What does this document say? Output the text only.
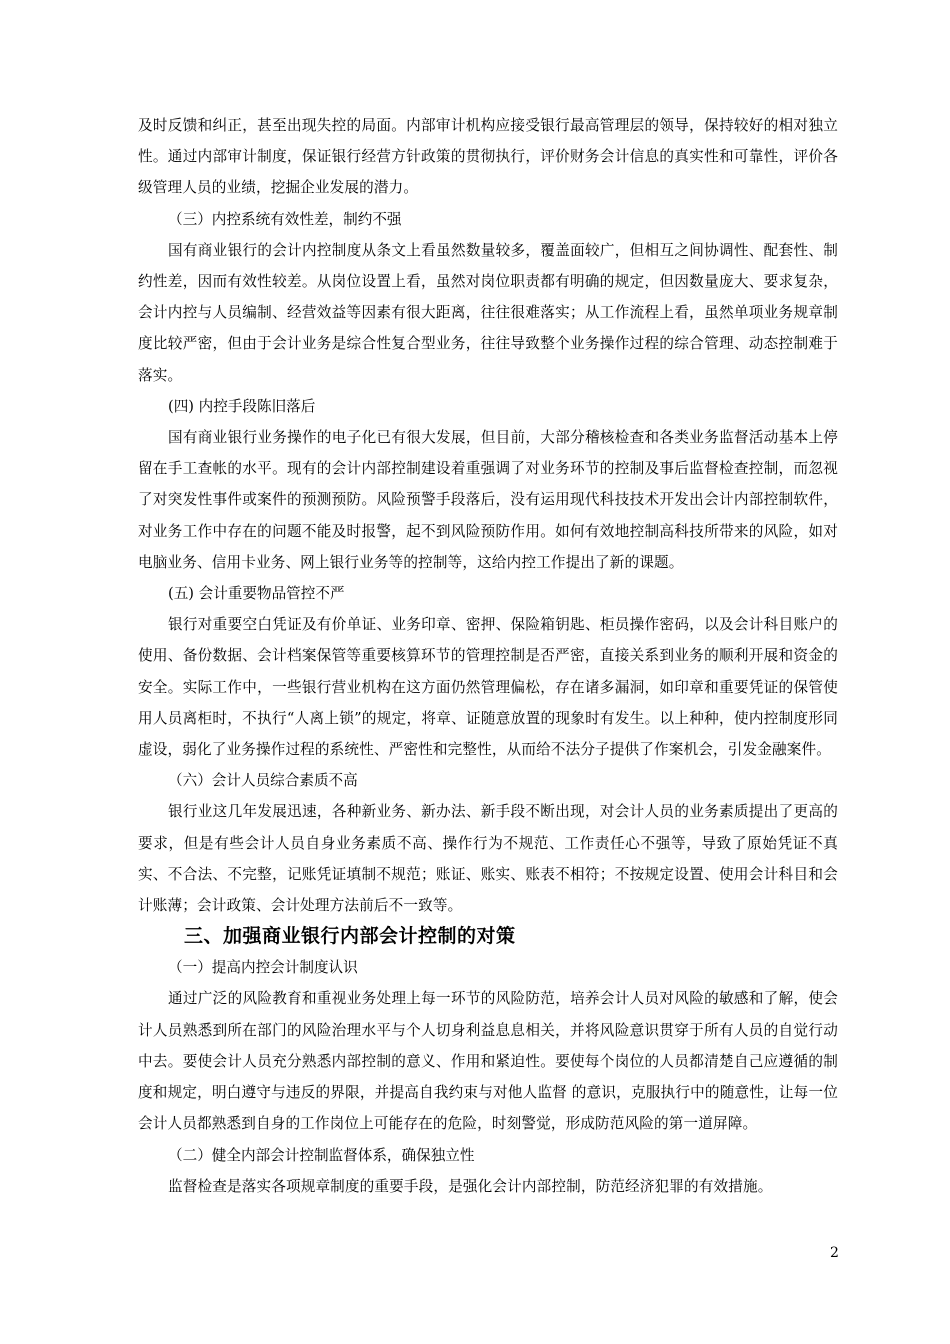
及时反馈和纠正，甚至出现失控的局面。内部审计机构应接受银行最高管理层的领导，保持较好的相对独立性。通过内部审计制度，保证银行经营方针政策的贯彻执行，评价财务会计信息的真实性和可靠性，评价各级管理人员的业绩，挖掘企业发展的潜力。

（三）内控系统有效性差，制约不强

国有商业银行的会计内控制度从条文上看虽然数量较多，覆盖面较广，但相互之间协调性、配套性、制约性差，因而有效性较差。从岗位设置上看，虽然对岗位职责都有明确的规定，但因数量庞大、要求复杂，会计内控与人员编制、经营效益等因素有很大距离，往往很难落实；从工作流程上看，虽然单项业务规章制度比较严密，但由于会计业务是综合性复合型业务，往往导致整个业务操作过程的综合管理、动态控制难于落实。

(四) 内控手段陈旧落后

国有商业银行业务操作的电子化已有很大发展，但目前，大部分稽核检查和各类业务监督活动基本上停留在手工查帐的水平。现有的会计内部控制建设着重强调了对业务环节的控制及事后监督检查控制，而忽视了对突发性事件或案件的预测预防。风险预警手段落后，没有运用现代科技技术开发出会计内部控制软件，对业务工作中存在的问题不能及时报警，起不到风险预防作用。如何有效地控制高科技所带来的风险，如对电脑业务、信用卡业务、网上银行业务等的控制等，这给内控工作提出了新的课题。

(五) 会计重要物品管控不严

银行对重要空白凭证及有价单证、业务印章、密押、保险箱钥匙、柜员操作密码，以及会计科目账户的使用、备份数据、会计档案保管等重要核算环节的管理控制是否严密，直接关系到业务的顺利开展和资金的安全。实际工作中，一些银行营业机构在这方面仍然管理偏松，存在诸多漏洞，如印章和重要凭证的保管使用人员离柜时，不执行“人离上锁”的规定，将章、证随意放置的现象时有发生。以上种种，使内控制度形同虚设，弱化了业务操作过程的系统性、严密性和完整性，从而给不法分子提供了作案机会，引发金融案件。

（六）会计人员综合素质不高

银行业这几年发展迅速，各种新业务、新办法、新手段不断出现，对会计人员的业务素质提出了更高的要求，但是有些会计人员自身业务素质不高、操作行为不规范、工作责任心不强等，导致了原始凭证不真实、不合法、不完整，记账凭证填制不规范；账证、账实、账表不相符；不按规定设置、使用会计科目和会计账薄；会计政策、会计处理方法前后不一致等。

三、加强商业银行内部会计控制的对策

（一）提高内控会计制度认识

通过广泛的风险教育和重视业务处理上每一环节的风险防范，培养会计人员对风险的敏感和了解，使会计人员熟悉到所在部门的风险治理水平与个人切身利益息息相关，并将风险意识贯穿于所有人员的自觉行动中去。要使会计人员充分熟悉内部控制的意义、作用和紧迫性。要使每个岗位的人员都清楚自己应遵循的制度和规定，明白遵守与违反的界限，并提高自我约束与对他人监督 的意识，克服执行中的随意性，让每一位会计人员都熟悉到自身的工作岗位上可能存在的危险，时刻警觉，形成防范风险的第一道屏障。

（二）健全内部会计控制监督体系，确保独立性

监督检查是落实各项规章制度的重要手段，是强化会计内部控制，防范经济犯罪的有效措施。

2
